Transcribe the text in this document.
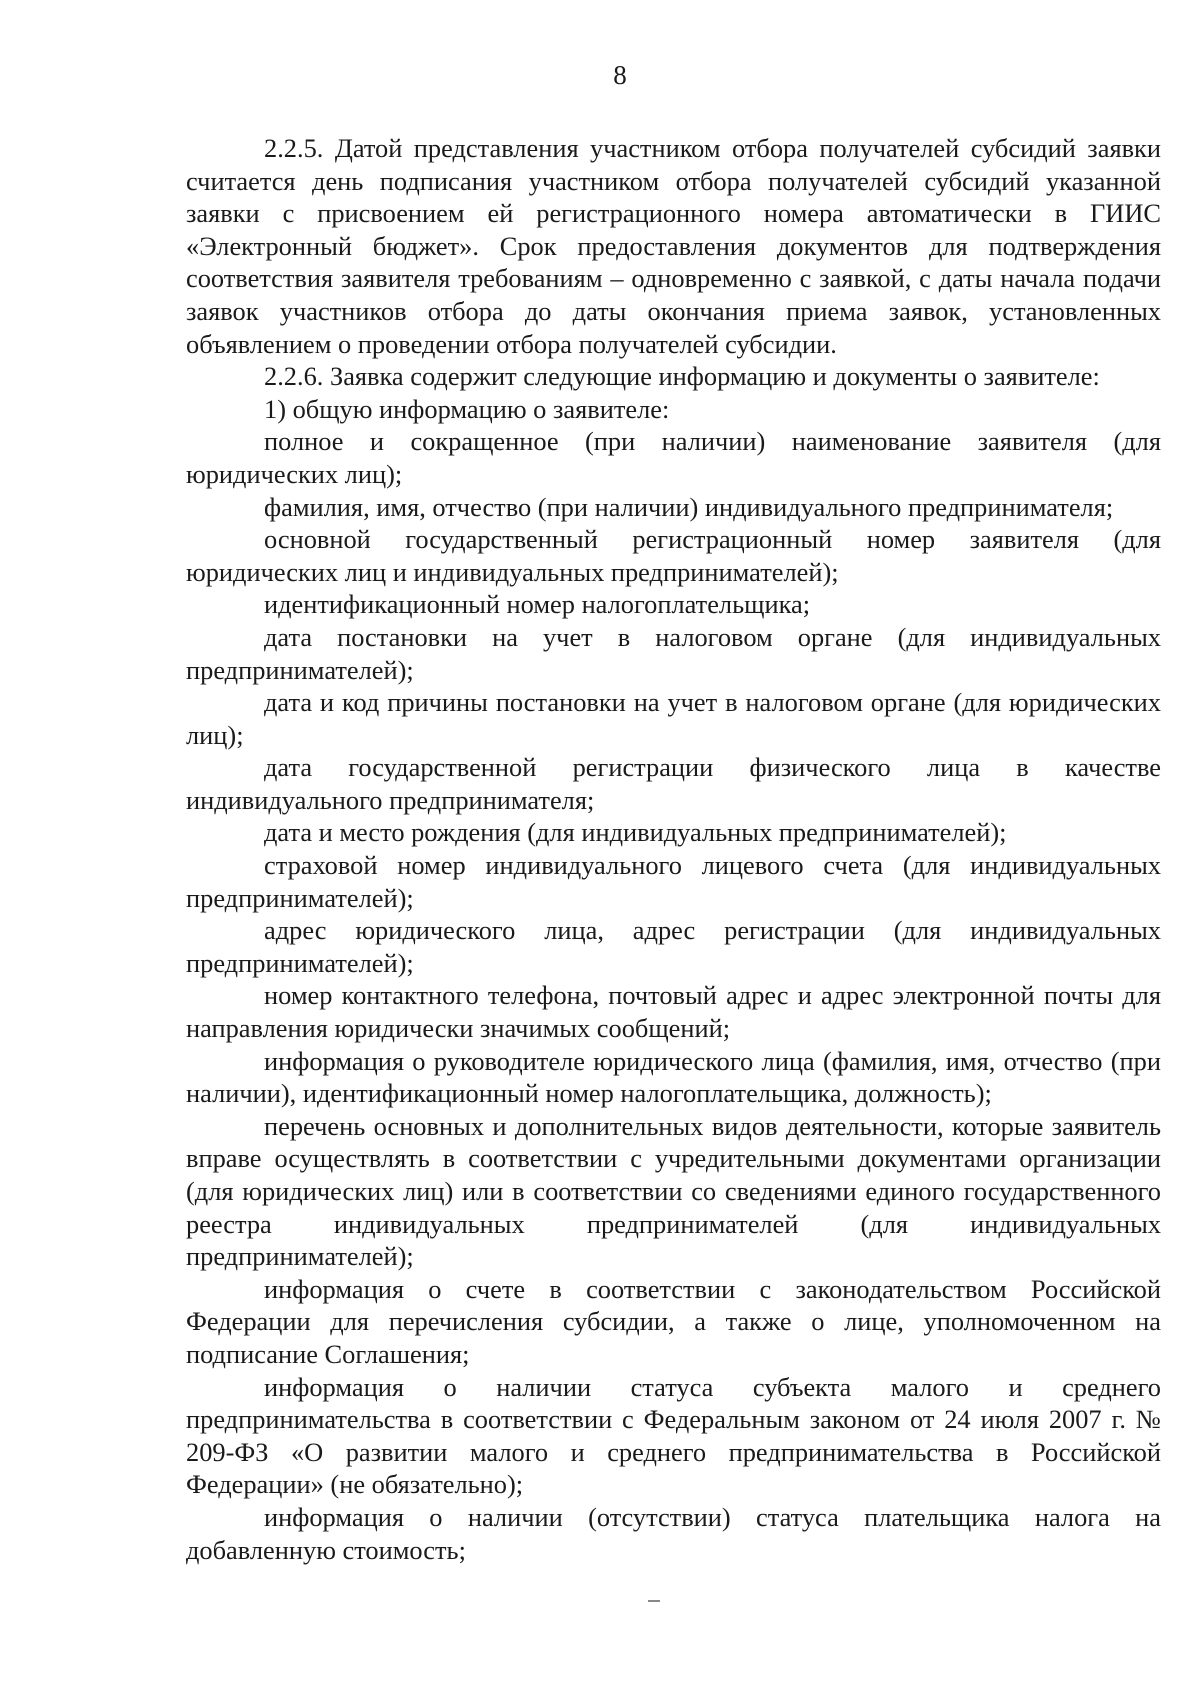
8

2.2.5. Датой представления участником отбора получателей субсидий заявки считается день подписания участником отбора получателей субсидий указанной заявки с присвоением ей регистрационного номера автоматически в ГИИС «Электронный бюджет». Срок предоставления документов для подтверждения соответствия заявителя требованиям – одновременно с заявкой, с даты начала подачи заявок участников отбора до даты окончания приема заявок, установленных объявлением о проведении отбора получателей субсидии.

2.2.6. Заявка содержит следующие информацию и документы о заявителе:

1) общую информацию о заявителе:

полное и сокращенное (при наличии) наименование заявителя (для юридических лиц);

фамилия, имя, отчество (при наличии) индивидуального предпринимателя;

основной государственный регистрационный номер заявителя (для юридических лиц и индивидуальных предпринимателей);

идентификационный номер налогоплательщика;

дата постановки на учет в налоговом органе (для индивидуальных предпринимателей);

дата и код причины постановки на учет в налоговом органе (для юридических лиц);

дата государственной регистрации физического лица в качестве индивидуального предпринимателя;

дата и место рождения (для индивидуальных предпринимателей);

страховой номер индивидуального лицевого счета (для индивидуальных предпринимателей);

адрес юридического лица, адрес регистрации (для индивидуальных предпринимателей);

номер контактного телефона, почтовый адрес и адрес электронной почты для направления юридически значимых сообщений;

информация о руководителе юридического лица (фамилия, имя, отчество (при наличии), идентификационный номер налогоплательщика, должность);

перечень основных и дополнительных видов деятельности, которые заявитель вправе осуществлять в соответствии с учредительными документами организации (для юридических лиц) или в соответствии со сведениями единого государственного реестра индивидуальных предпринимателей (для индивидуальных предпринимателей);

информация о счете в соответствии с законодательством Российской Федерации для перечисления субсидии, а также о лице, уполномоченном на подписание Соглашения;

информация о наличии статуса субъекта малого и среднего предпринимательства в соответствии с Федеральным законом от 24 июля 2007 г. № 209-ФЗ «О развитии малого и среднего предпринимательства в Российской Федерации» (не обязательно);

информация о наличии (отсутствии) статуса плательщика налога на добавленную стоимость;
